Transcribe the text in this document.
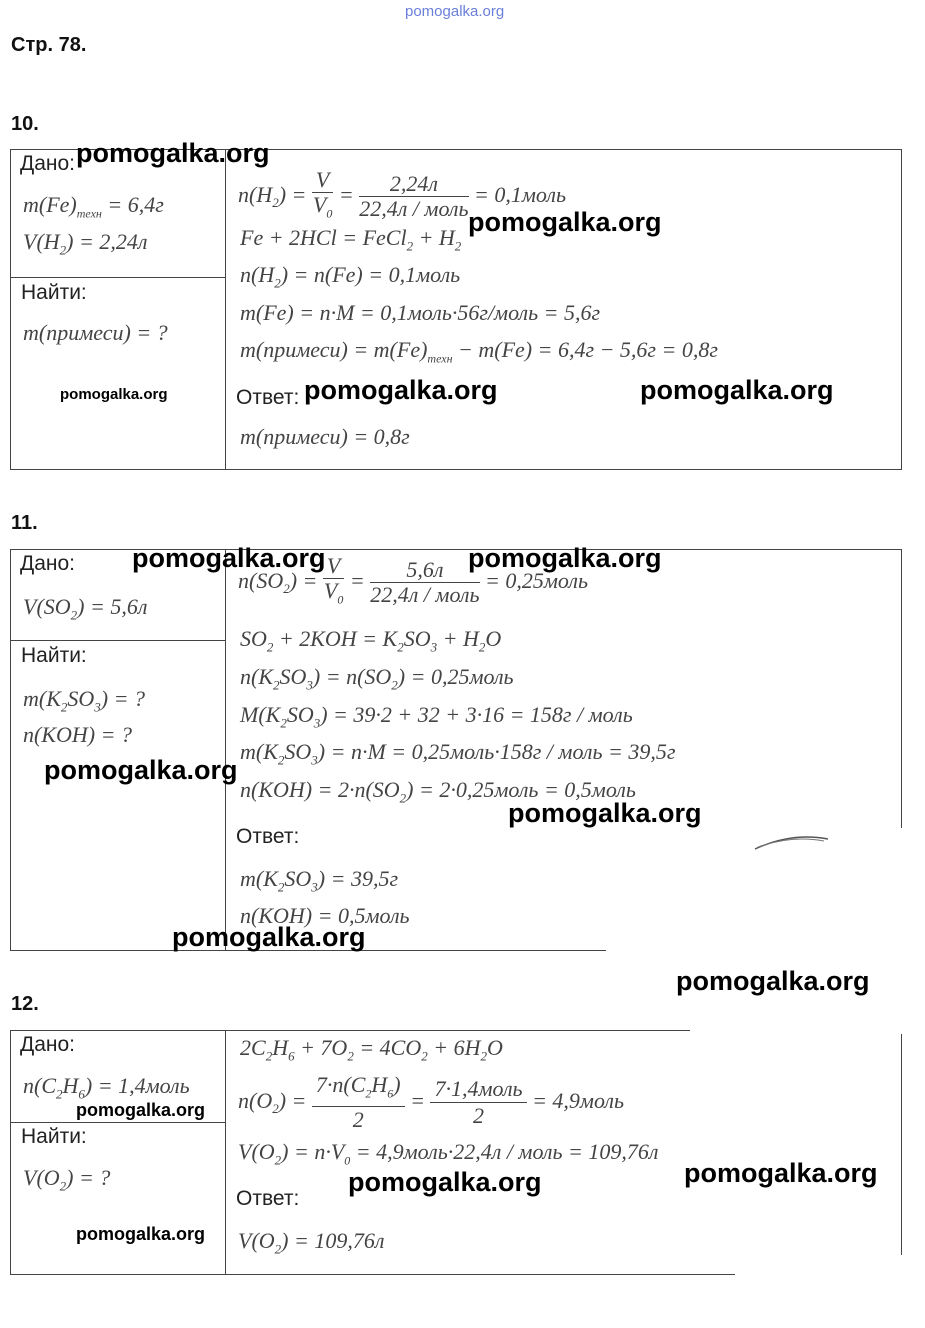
pomogalka.org
Стр. 78.
10.
Дано:
$m(Fe)_{техн} = 6,4г$
$V(H_2) = 2,24л$
Найти:
m(примеси) = ?
$n(H_2) = \frac{V}{V_0}$ =	2,24л
22,4л / моль
= 0,1моль
Fe + 2HCl = FeCl$_2$ + $H_2$
$n(H_2) = n(Fe)$ = 0,1моль
m(Fe) = n·M = 0,1моль·56г/моль = 5,6г
m(примеси) = $m(Fe)_{техн} - m(Fe) = 6,4г - 5,6г = 0,8г$
Ответ:
m(примеси) = 0,8г
pomogalka.org
pomogalka.org
pomogalka.org	pomogalka.org	pomogalka.org
11.
Дано:
$V(SO_2) = 5,6л$
Найти:
$m(K_2SO_3)$ = ?
n(KOH) = ?
$n(SO_2) = \frac{V}{V_0}$ =	5,6л
22,4л / моль
= 0,25моль
$SO_2 + 2KOH = K_2SO_3 + H_2O$
$n(K_2SO_3) = n(SO_2)$ = 0,25моль
$M(K_2SO_3) = 39\cdot 2 + 32 + 3\cdot 16 = 158г$ / моль
$m(K_2SO_3) = n\cdot M$ = 0,25моль·158г / моль = 39,5г
$n(KOH) = 2\cdot n(SO_2)$ = 2·0,25моль = 0,5моль
Ответ:
$m(K_2SO_3) = 39,5г$
n(KOH) = 0,5моль
pomogalka.org	pomogalka.org
pomogalka.org
pomogalka.org
pomogalka.org
pomogalka.org
12.
Дано:
$n(C_2H_6)$ = 1,4моль
Найти:
$V(O_2)$ = ?
$2C_2H_6 + 7O_2 = 4CO_2 + 6H_2O$
$n(O_2) = \frac{7\cdot n(C_2H_6)}{2}$ = 7·1,4моль
2
= 4,9моль
$V(O_2) = n\cdot V_0$ = 4,9моль·22,4л / моль = 109,76л
Ответ:
$V(O_2) = 109,76л$
pomogalka.org
pomogalka.org	pomogalka.org
pomogalka.org
